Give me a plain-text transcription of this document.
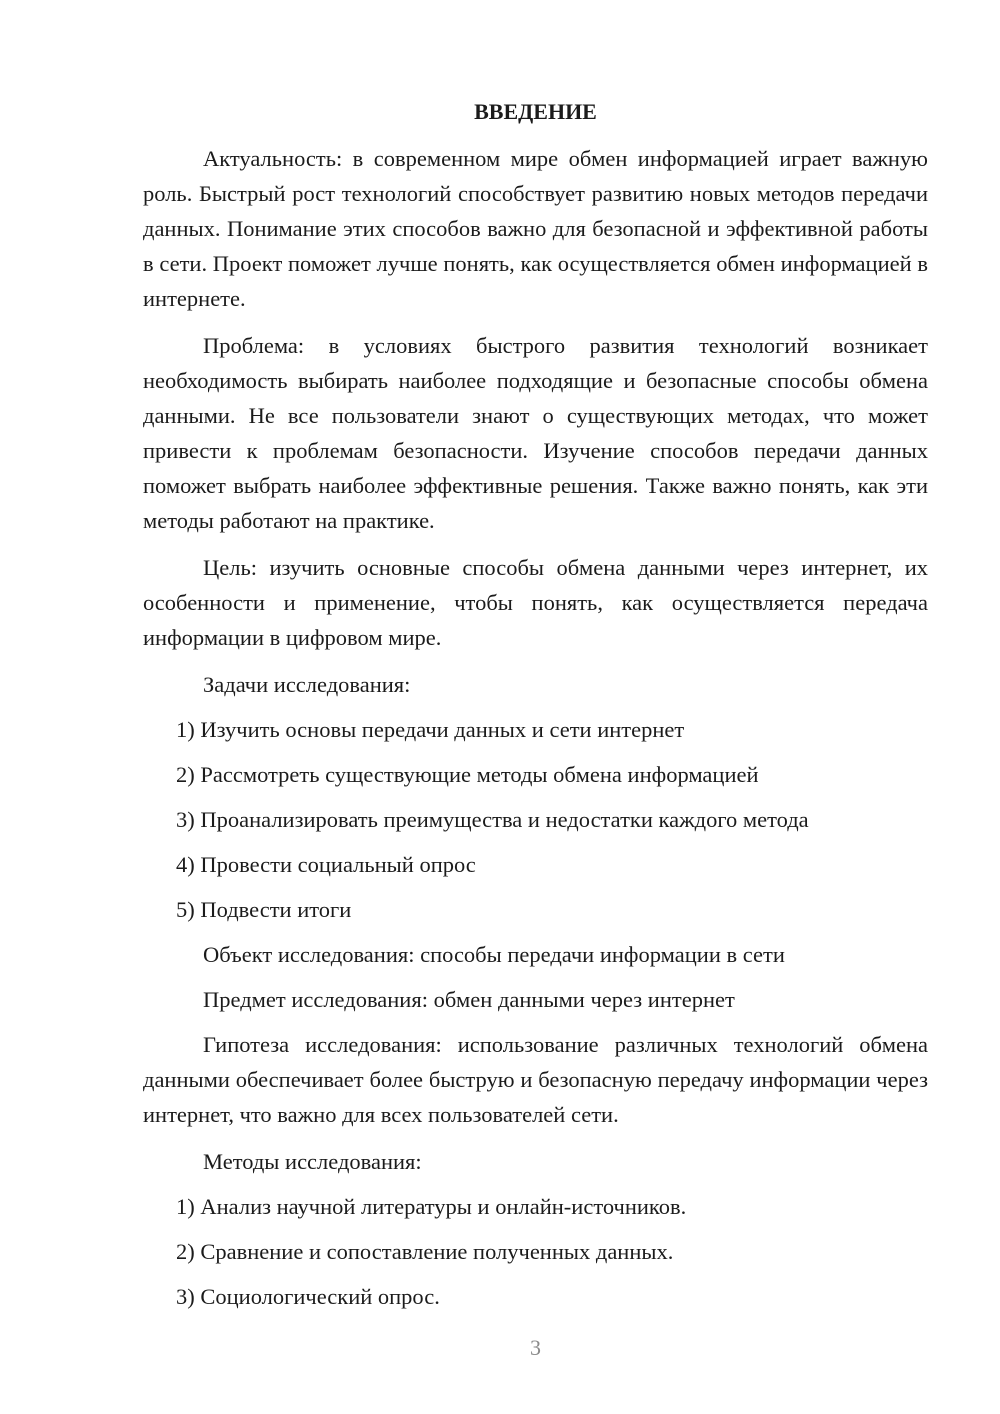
ВВЕДЕНИЕ

Актуальность: в современном мире обмен информацией играет важную роль. Быстрый рост технологий способствует развитию новых методов передачи данных. Понимание этих способов важно для безопасной и эффективной работы в сети. Проект поможет лучше понять, как осуществляется обмен информацией в интернете.

Проблема: в условиях быстрого развития технологий возникает необходимость выбирать наиболее подходящие и безопасные способы обмена данными. Не все пользователи знают о существующих методах, что может привести к проблемам безопасности. Изучение способов передачи данных поможет выбрать наиболее эффективные решения. Также важно понять, как эти методы работают на практике.

Цель: изучить основные способы обмена данными через интернет, их особенности и применение, чтобы понять, как осуществляется передача информации в цифровом мире.

Задачи исследования:
1) Изучить основы передачи данных и сети интернет
2) Рассмотреть существующие методы обмена информацией
3) Проанализировать преимущества и недостатки каждого метода
4) Провести социальный опрос
5) Подвести итоги
Объект исследования: способы передачи информации в сети
Предмет исследования: обмен данными через интернет

Гипотеза исследования: использование различных технологий обмена данными обеспечивает более быструю и безопасную передачу информации через интернет, что важно для всех пользователей сети.

Методы исследования:
1) Анализ научной литературы и онлайн-источников.
2) Сравнение и сопоставление полученных данных.
3) Социологический опрос.
3
